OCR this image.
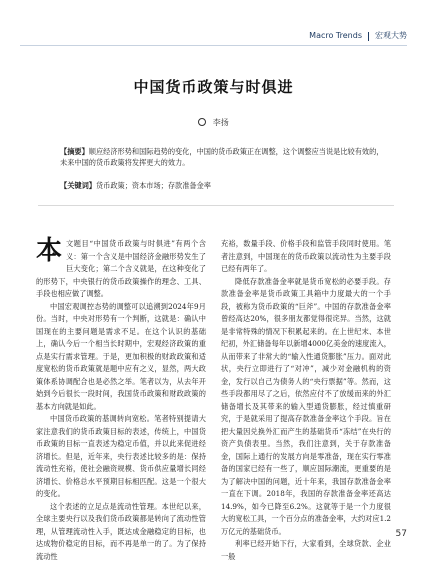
Macro Trends 宏观大势
中国货币政策与时俱进
李扬
【摘要】顺应经济形势和国际趋势的变化，中国的货币政策正在调整，这个调整应当说是比较有效的，未来中国的货币政策将发挥更大的效力。
【关键词】货币政策；资本市场；存款准备金率
本 文题目“中国货币政策与时俱进”有两个含义：第一个含义是中国经济金融形势发生了巨大变化；第二个含义就是，在这种变化了的形势下，中央银行的货币政策操作的理念、工具、手段也相应做了调整。

中国宏观调控态势的调整可以追溯到2024年9月份。当时，中央对形势有一个判断，这就是：确认中国现在的主要问题是需求不足。在这个认识的基础上，确认今后一个相当长时期中，宏观经济政策的重点是实行需求管理。于是，更加积极的财政政策和适度宽松的货币政策就是题中应有之义，显然，两大政策体系协调配合也是必然之举。笔者以为，从去年开始到今后很长一段时间，我国货币政策和财政政策的基本方向就是如此。

中国货币政策的基调转向宽松。笔者特别提请大家注意我们的货币政策目标的表述，传统上，中国货币政策的目标一直表述为稳定币值，并以此来促进经济增长。但是，近年来，央行表述比较多的是：保持流动性充裕，使社会融资规模、货币供应量增长同经济增长、价格总水平预期目标相匹配。这是一个很大的变化。

这个表述的立足点是流动性管理。本世纪以来，全球主要央行以及我们货币政策都是转向了流动性管理，从管理流动性入手，既达成金融稳定的目标，也达成物价稳定的目标，而不再是单一的了。为了保持流动性

充裕，数量手段、价格手段和监管手段同时使用。笔者注意到，中国现在的货币政策以流动性为主要手段已经有两年了。

降低存款准备金率就是货币宽松的必要手段。存款准备金率是货币政策工具箱中力度最大的一个手段，被称为货币政策的“巨斧”。中国的存款准备金率曾经高达20%，很多朋友都觉得很诧异。当然，这就是非常特殊的情况下积累起来的。在上世纪末、本世纪初，外汇储备每年以新增4000亿美金的速度流入，从而带来了非常大的“输入性通货膨胀”压力。面对此状，央行立即进行了“对冲”，减少对金融机构的资金，发行以自己为债务人的“央行票据”等。然而，这些手段都用尽了之后，依然应付不了放缓而来的外汇储备增长及其带来的输入型通货膨胀，经过慎重研究，于是就采用了提高存款准备金率这个手段。旨在把大量因兑换外汇而产生的基础货币“冻结”在央行的资产负债表里。当然，我们注意到，关于存款准备金，国际上通行的发展方向是零准备，现在实行零准备的国家已经有一些了，顺应国际潮流，更重要的是为了解决中国的问题，近十年来，我国存款准备金率一直在下调。2018年，我国的存款准备金率还高达14.9%，如今已降至6.2%。这就等于是一个力度很大的宽松工具，一个百分点的准备金率，大约对应1.2万亿元的基础货币。

利率已经开始下行，大家看到，全球贷款、企业一般

57
